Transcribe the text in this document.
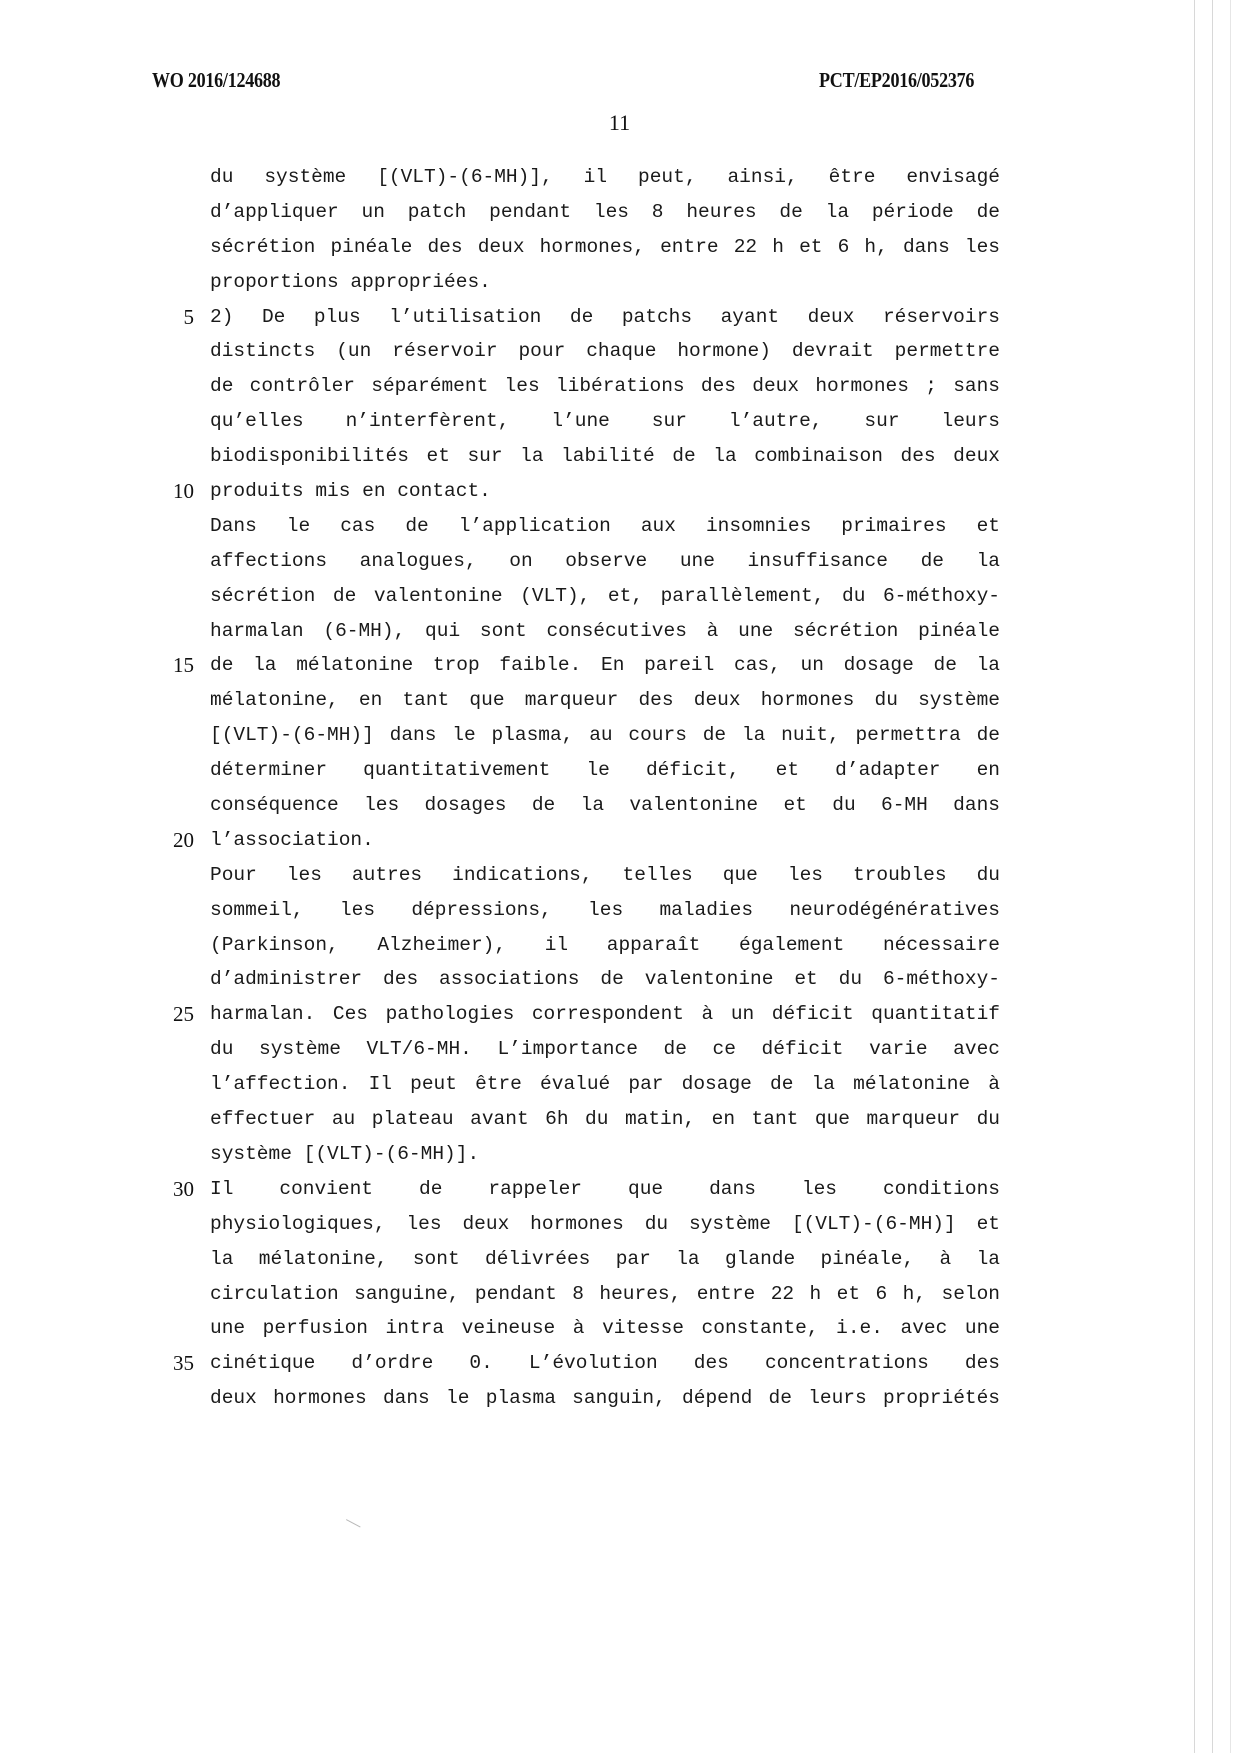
WO 2016/124688	PCT/EP2016/052376
11
du système [(VLT)-(6-MH)], il peut, ainsi, être envisagé
d’appliquer un patch pendant les 8 heures de la période de
sécrétion pinéale des deux hormones, entre 22 h et 6 h, dans les
proportions appropriées.
5 2) De plus l’utilisation de patchs ayant deux réservoirs
distincts (un réservoir pour chaque hormone) devrait permettre
de contrôler séparément les libérations des deux hormones ; sans
qu’elles n’interfèrent, l’une sur l’autre, sur leurs
biodisponibilités et sur la labilité de la combinaison des deux
10 produits mis en contact.
Dans le cas de l’application aux insomnies primaires et
affections analogues, on observe une insuffisance de la
sécrétion de valentonine (VLT), et, parallèlement, du 6-méthoxy-
harmalan (6-MH), qui sont consécutives à une sécrétion pinéale
15 de la mélatonine trop faible. En pareil cas, un dosage de la
mélatonine, en tant que marqueur des deux hormones du système
[(VLT)-(6-MH)] dans le plasma, au cours de la nuit, permettra de
déterminer quantitativement le déficit, et d’adapter en
conséquence les dosages de la valentonine et du 6-MH dans
20 l’association.
Pour les autres indications, telles que les troubles du
sommeil, les dépressions, les maladies neurodégénératives
(Parkinson, Alzheimer), il apparaît également nécessaire
d’administrer des associations de valentonine et du 6-méthoxy-
25 harmalan. Ces pathologies correspondent à un déficit quantitatif
du système VLT/6-MH. L’importance de ce déficit varie avec
l’affection. Il peut être évalué par dosage de la mélatonine à
effectuer au plateau avant 6h du matin, en tant que marqueur du
système [(VLT)-(6-MH)].
30 Il convient de rappeler que dans les conditions
physiologiques, les deux hormones du système [(VLT)-(6-MH)] et
la mélatonine, sont délivrées par la glande pinéale, à la
circulation sanguine, pendant 8 heures, entre 22 h et 6 h, selon
une perfusion intra veineuse à vitesse constante, i.e. avec une
35 cinétique d’ordre 0. L’évolution des concentrations des
deux hormones dans le plasma sanguin, dépend de leurs propriétés
